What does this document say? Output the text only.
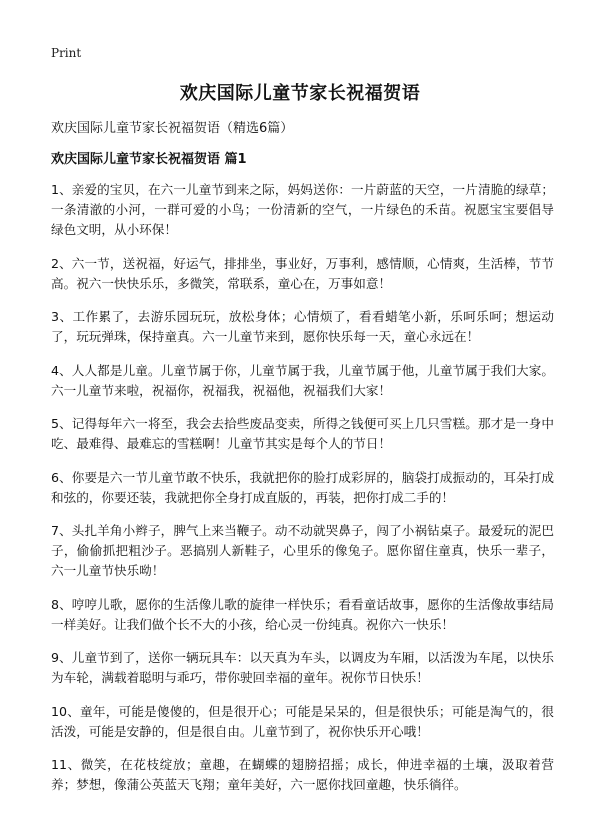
Print
欢庆国际儿童节家长祝福贺语

欢庆国际儿童节家长祝福贺语（精选6篇）

欢庆国际儿童节家长祝福贺语 篇1

1、亲爱的宝贝，在六一儿童节到来之际，妈妈送你：一片蔚蓝的天空，一片清脆的绿草；一条清澈的小河，一群可爱的小鸟；一份清新的空气，一片绿色的禾苗。祝愿宝宝要倡导绿色文明，从小环保！

2、六一节，送祝福，好运气，排排坐，事业好，万事利，感情顺，心情爽，生活棒，节节高。祝六一快快乐乐，多微笑，常联系，童心在，万事如意！

3、工作累了，去游乐园玩玩，放松身体；心情烦了，看看蜡笔小新，乐呵乐呵；想运动了，玩玩弹珠，保持童真。六一儿童节来到，愿你快乐每一天，童心永远在！

4、人人都是儿童。儿童节属于你，儿童节属于我，儿童节属于他，儿童节属于我们大家。六一儿童节来啦，祝福你，祝福我，祝福他，祝福我们大家！

5、记得每年六一将至，我会去拾些废品变卖，所得之钱便可买上几只雪糕。那才是一身中吃、最难得、最难忘的雪糕啊！儿童节其实是每个人的节日！

6、你要是六一节儿童节敢不快乐，我就把你的脸打成彩屏的，脑袋打成振动的，耳朵打成和弦的，你要还装，我就把你全身打成直版的，再装，把你打成二手的！

7、头扎羊角小辫子，脾气上来当鞭子。动不动就哭鼻子，闯了小祸钻桌子。最爱玩的泥巴子，偷偷抓把粗沙子。恶搞别人新鞋子，心里乐的像兔子。愿你留住童真，快乐一辈子，六一儿童节快乐呦！

8、哼哼儿歌，愿你的生活像儿歌的旋律一样快乐；看看童话故事，愿你的生活像故事结局一样美好。让我们做个长不大的小孩，给心灵一份纯真。祝你六一快乐！

9、儿童节到了，送你一辆玩具车：以天真为车头，以调皮为车厢，以活泼为车尾，以快乐为车轮，满载着聪明与乖巧，带你驶回幸福的童年。祝你节日快乐！

10、童年，可能是傻傻的，但是很开心；可能是呆呆的，但是很快乐；可能是淘气的，很活泼，可能是安静的，但是很自由。儿童节到了，祝你快乐开心哦！

11、微笑，在花枝绽放；童趣，在蝴蝶的翅膀招摇；成长，伸进幸福的土壤，汲取着营养；梦想，像蒲公英蓝天飞翔；童年美好，六一愿你找回童趣，快乐徜徉。
